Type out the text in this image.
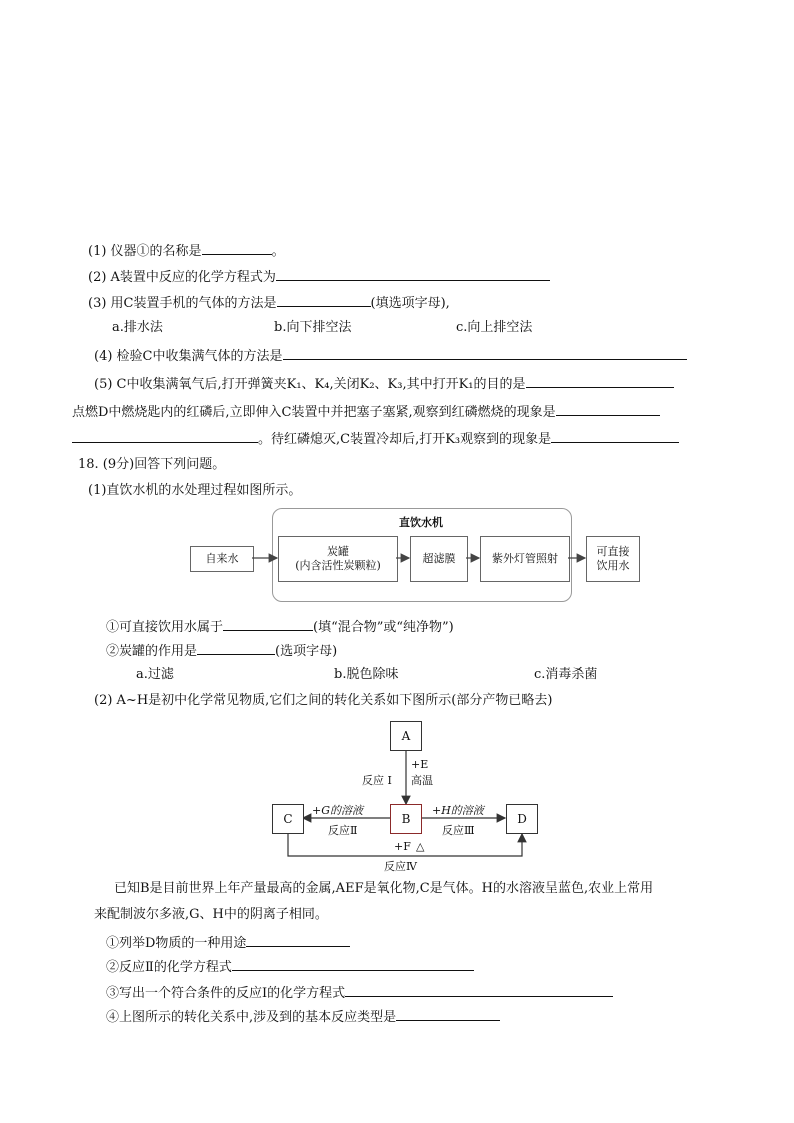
(1) 仪器①的名称是	。
(2) A装置中反应的化学方程式为
(3) 用C装置手机的气体的方法是	(填选项字母),
a.排水法	b.向下排空法	c.向上排空法
(4) 检验C中收集满气体的方法是
(5) C中收集满氧气后,打开弹簧夹K₁、K₄,关闭K₂、K₃,其中打开K₁的目的是
点燃D中燃烧匙内的红磷后,立即伸入C装置中并把塞子塞紧,观察到红磷燃烧的现象是
。待红磷熄灭,C装置冷却后,打开K₃观察到的现象是
18. (9分)回答下列问题。
(1)直饮水机的水处理过程如图所示。
直饮水机
自来水
炭罐
(内含活性炭颗粒)
超滤膜	紫外灯管照射
可直接
饮用水
①可直接饮用水属于	(填“混合物”或“纯净物”)
②炭罐的作用是	(选项字母)
a.过滤	b.脱色除味	c.消毒杀菌
(2) A~H是初中化学常见物质,它们之间的转化关系如下图所示(部分产物已略去)
A
B
C	D
+E
高温
反应 I
+G的溶液
反应Ⅱ
+H的溶液
反应Ⅲ
+F △
反应Ⅳ
已知B是目前世界上年产量最高的金属,AEF是氧化物,C是气体。H的水溶液呈蓝色,农业上常用
来配制波尔多液,G、H中的阴离子相同。
①列举D物质的一种用途
②反应Ⅱ的化学方程式
③写出一个符合条件的反应Ⅰ的化学方程式
④上图所示的转化关系中,涉及到的基本反应类型是
